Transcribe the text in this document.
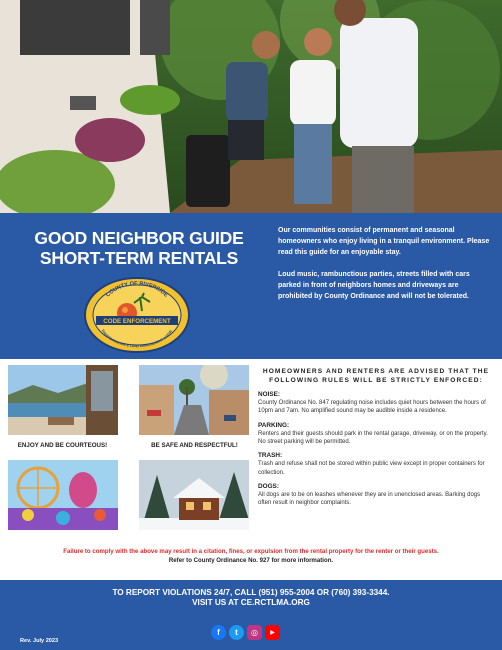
GOOD NEIGHBOR GUIDE
SHORT-TERM RENTALS
COUNTY OF RIVERSIDE
CODE ENFORCEMENT
RANSPORTATION & LAND MANAGEMENT AGENC

Our communities consist of permanent and seasonal homeowners who enjoy living in a tranquil environment. Please read this guide for an enjoyable stay.

Loud music, rambunctious parties, streets filled with cars parked in front of neighbors homes and driveways are prohibited by County Ordinance and will not be tolerated.

ENJOY AND BE COURTEOUS!	BE SAFE AND RESPECTFUL!
HOMEOWNERS AND RENTERS ARE ADVISED THAT THE FOLLOWING RULES WILL BE STRICTLY ENFORCED:
NOISE:
County Ordinance No. 847 regulating noise includes quiet hours between the hours of 10pm and 7am. No amplified sound may be audible inside a residence.
PARKING:
Renters and their guests should park in the rental garage, driveway, or on the property. No street parking will be permitted.
TRASH:
Trash and refuse shall not be stored within public view except in proper containers for collection.
DOGS:
All dogs are to be on leashes whenever they are in unenclosed areas. Barking dogs often result in neighbor complaints.
Failure to comply with the above may result in a citation, fines, or expulsion from the rental property for the renter or their guests.
Refer to County Ordinance No. 927 for more information.
TO REPORT VIOLATIONS 24/7, CALL (951) 955-2004 OR (760) 393-3344.
VISIT US AT CE.RCTLMA.ORG
f	t	◎	▶
Rev. July 2023
